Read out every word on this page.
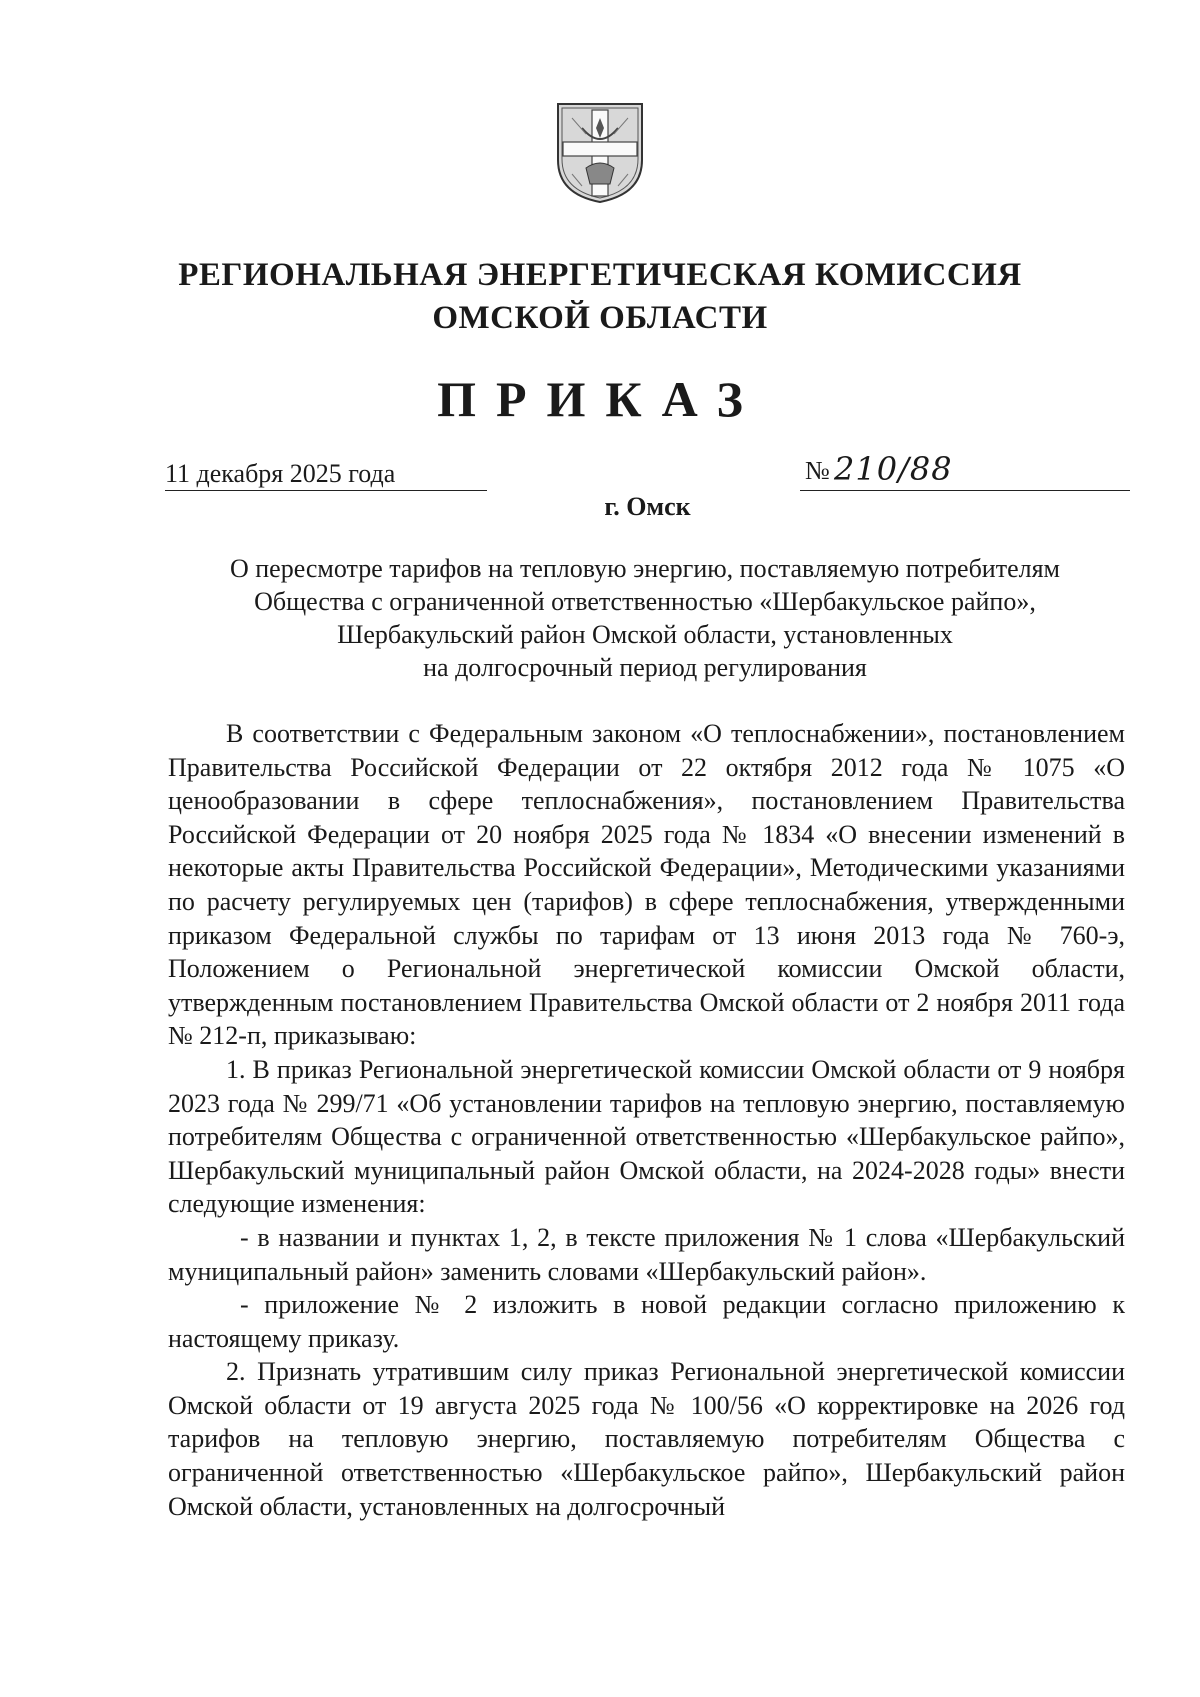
РЕГИОНАЛЬНАЯ ЭНЕРГЕТИЧЕСКАЯ КОМИССИЯ
ОМСКОЙ ОБЛАСТИ
ПРИКАЗ
11 декабря 2025 года	№ 210/88
г. Омск
О пересмотре тарифов на тепловую энергию, поставляемую потребителям
Общества с ограниченной ответственностью «Шербакульское райпо»,
Шербакульский район Омской области, установленных
на долгосрочный период регулирования

В соответствии с Федеральным законом «О теплоснабжении», постановлением Правительства Российской Федерации от 22 октября 2012 года № 1075 «О ценообразовании в сфере теплоснабжения», постановлением Правительства Российской Федерации от 20 ноября 2025 года № 1834 «О внесении изменений в некоторые акты Правительства Российской Федерации», Методическими указаниями по расчету регулируемых цен (тарифов) в сфере теплоснабжения, утвержденными приказом Федеральной службы по тарифам от 13 июня 2013 года № 760-э, Положением о Региональной энергетической комиссии Омской области, утвержденным постановлением Правительства Омской области от 2 ноября 2011 года № 212-п, приказываю:

1. В приказ Региональной энергетической комиссии Омской области от 9 ноября 2023 года № 299/71 «Об установлении тарифов на тепловую энергию, поставляемую потребителям Общества с ограниченной ответственностью «Шербакульское райпо», Шербакульский муниципальный район Омской области, на 2024-2028 годы» внести следующие изменения:

- в названии и пунктах 1, 2, в тексте приложения № 1 слова «Шербакульский муниципальный район» заменить словами «Шербакульский район».

- приложение № 2 изложить в новой редакции согласно приложению к настоящему приказу.

2. Признать утратившим силу приказ Региональной энергетической комиссии Омской области от 19 августа 2025 года № 100/56 «О корректировке на 2026 год тарифов на тепловую энергию, поставляемую потребителям Общества с ограниченной ответственностью «Шербакульское райпо», Шербакульский район Омской области, установленных на долгосрочный
